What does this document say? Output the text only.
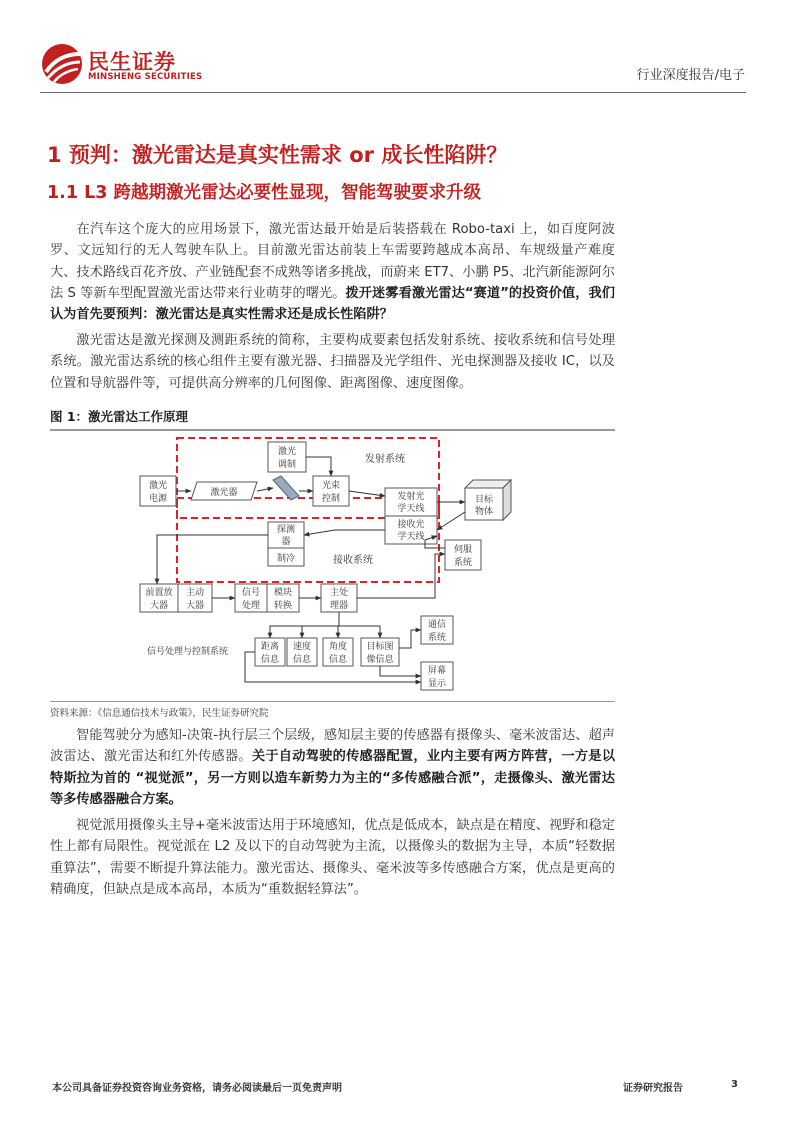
民生证券
MINSHENG SECURITIES	行业深度报告/电子
1 预判：激光雷达是真实性需求 or 成长性陷阱？
1.1 L3 跨越期激光雷达必要性显现，智能驾驶要求升级
在汽车这个庞大的应用场景下，激光雷达最开始是后装搭载在 Robo-taxi 上，如百度阿波罗、文远知行的无人驾驶车队上。目前激光雷达前装上车需要跨越成本高昂、车规级量产难度大、技术路线百花齐放、产业链配套不成熟等诸多挑战，而蔚来 ET7、小鹏 P5、北汽新能源阿尔法 S 等新车型配置激光雷达带来行业萌芽的曙光。拨开迷雾看激光雷达“赛道”的投资价值，我们认为首先要预判：激光雷达是真实性需求还是成长性陷阱？
激光雷达是激光探测及测距系统的简称，主要构成要素包括发射系统、接收系统和信号处理系统。激光雷达系统的核心组件主要有激光器、扫描器及光学组件、光电探测器及接收 IC，以及位置和导航器件等，可提供高分辨率的几何图像、距离图像、速度图像。
图 1：激光雷达工作原理
发射系统
接收系统
激光
调制
激光
电源
激光器
光束
控制	发射光
学天线
接收光
学天线
目标
物体
探测
器
制冷
伺服
系统
前置放
大器
主动
大器
信号
处理
模块
转换
主处
理器
信号处理与控制系统	距离
信息
速度
信息
角度
信息
目标图
像信息
通信
系统
屏幕
显示
资料来源：《信息通信技术与政策》，民生证券研究院
智能驾驶分为感知-决策-执行层三个层级，感知层主要的传感器有摄像头、毫米波雷达、超声波雷达、激光雷达和红外传感器。关于自动驾驶的传感器配置，业内主要有两方阵营，一方是以特斯拉为首的 “视觉派”，另一方则以造车新势力为主的“多传感融合派”，走摄像头、激光雷达等多传感器融合方案。
视觉派用摄像头主导+毫米波雷达用于环境感知，优点是低成本，缺点是在精度、视野和稳定性上都有局限性。视觉派在 L2 及以下的自动驾驶为主流，以摄像头的数据为主导，本质“轻数据重算法”，需要不断提升算法能力。激光雷达、摄像头、毫米波等多传感融合方案，优点是更高的精确度，但缺点是成本高昂，本质为“重数据轻算法”。
本公司具备证券投资咨询业务资格，请务必阅读最后一页免责声明	证券研究报告	3
